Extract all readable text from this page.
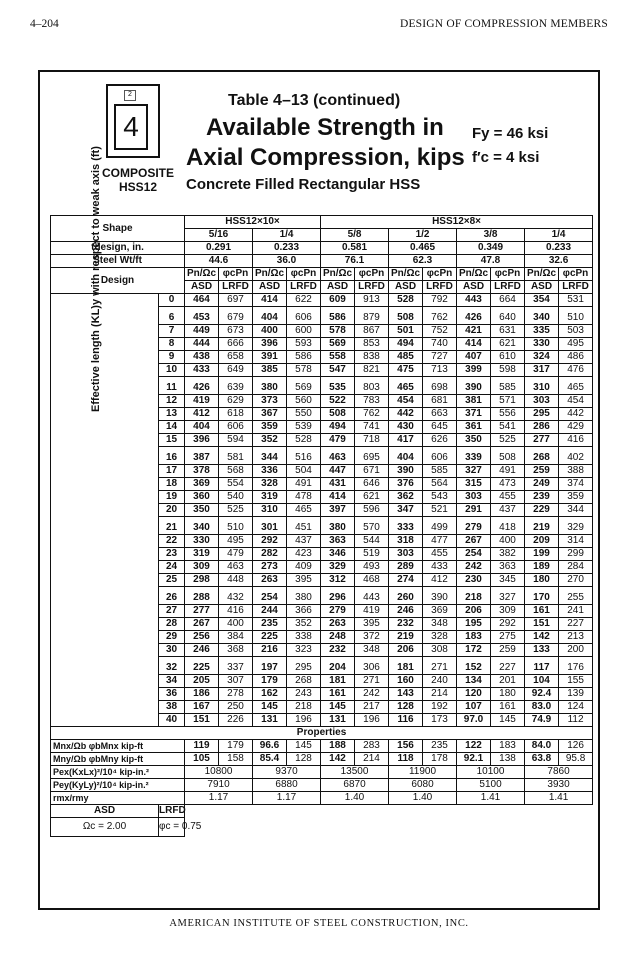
4–204	DESIGN OF COMPRESSION MEMBERS
2
4
COMPOSITE
HSS12
Table 4–13 (continued)
Available Strength in
Axial Compression, kips
Concrete Filled Rectangular HSS
Fy = 46 ksi
f′c = 4 ksi
Shape		HSS12×10×				HSS12×8×							
		5/16		1/4		5/8		1/2		3/8		1/4	
tdesign, in.		0.291		0.233		0.581		0.465		0.349		0.233	
Steel Wt/ft		44.6		36.0		76.1		62.3		47.8		32.6	
Design		Pn/Ωc	φcPn	Pn/Ωc	φcPn	Pn/Ωc	φcPn	Pn/Ωc	φcPn	Pn/Ωc	φcPn	Pn/Ωc	φcPn
		ASD	LRFD	ASD	LRFD	ASD	LRFD	ASD	LRFD	ASD	LRFD	ASD	LRFD
	0	464	697	414	622	609	913	528	792	443	664	354	531
	6	453	679	404	606	586	879	508	762	426	640	340	510
	7	449	673	400	600	578	867	501	752	421	631	335	503
	8	444	666	396	593	569	853	494	740	414	621	330	495
	9	438	658	391	586	558	838	485	727	407	610	324	486
	10	433	649	385	578	547	821	475	713	399	598	317	476
	11	426	639	380	569	535	803	465	698	390	585	310	465
	12	419	629	373	560	522	783	454	681	381	571	303	454
	13	412	618	367	550	508	762	442	663	371	556	295	442
	14	404	606	359	539	494	741	430	645	361	541	286	429
	15	396	594	352	528	479	718	417	626	350	525	277	416
	16	387	581	344	516	463	695	404	606	339	508	268	402
	17	378	568	336	504	447	671	390	585	327	491	259	388
	18	369	554	328	491	431	646	376	564	315	473	249	374
	19	360	540	319	478	414	621	362	543	303	455	239	359
	20	350	525	310	465	397	596	347	521	291	437	229	344
	21	340	510	301	451	380	570	333	499	279	418	219	329
	22	330	495	292	437	363	544	318	477	267	400	209	314
	23	319	479	282	423	346	519	303	455	254	382	199	299
	24	309	463	273	409	329	493	289	433	242	363	189	284
	25	298	448	263	395	312	468	274	412	230	345	180	270
	26	288	432	254	380	296	443	260	390	218	327	170	255
	27	277	416	244	366	279	419	246	369	206	309	161	241
	28	267	400	235	352	263	395	232	348	195	292	151	227
	29	256	384	225	338	248	372	219	328	183	275	142	213
	30	246	368	216	323	232	348	206	308	172	259	133	200
	32	225	337	197	295	204	306	181	271	152	227	117	176
	34	205	307	179	268	181	271	160	240	134	201	104	155
	36	186	278	162	243	161	242	143	214	120	180	92.4	139
	38	167	250	145	218	145	217	128	192	107	161	83.0	124
	40	151	226	131	196	131	196	116	173	97.0	145	74.9	112
Properties													
Mnx/Ωb φbMnx kip-ft		119	179	96.6	145	188	283	156	235	122	183	84.0	126
Mny/Ωb φbMny kip-ft		105	158	85.4	128	142	214	118	178	92.1	138	63.8	95.8
Pex(KxLx)²/10⁴ kip-in.²		10800		9370		13500		11900		10100		7860	
Pey(KyLy)²/10⁴ kip-in.²		7910		6880		6870		6080		5100		3930	
rmx/rmy		1.17		1.17		1.40		1.40		1.41		1.41	
ASD	LRFD												
Ωc = 2.00	φc = 0.75												
Effective length (KL)y with respect to weak axis (ft)
AMERICAN INSTITUTE OF STEEL CONSTRUCTION, INC.
